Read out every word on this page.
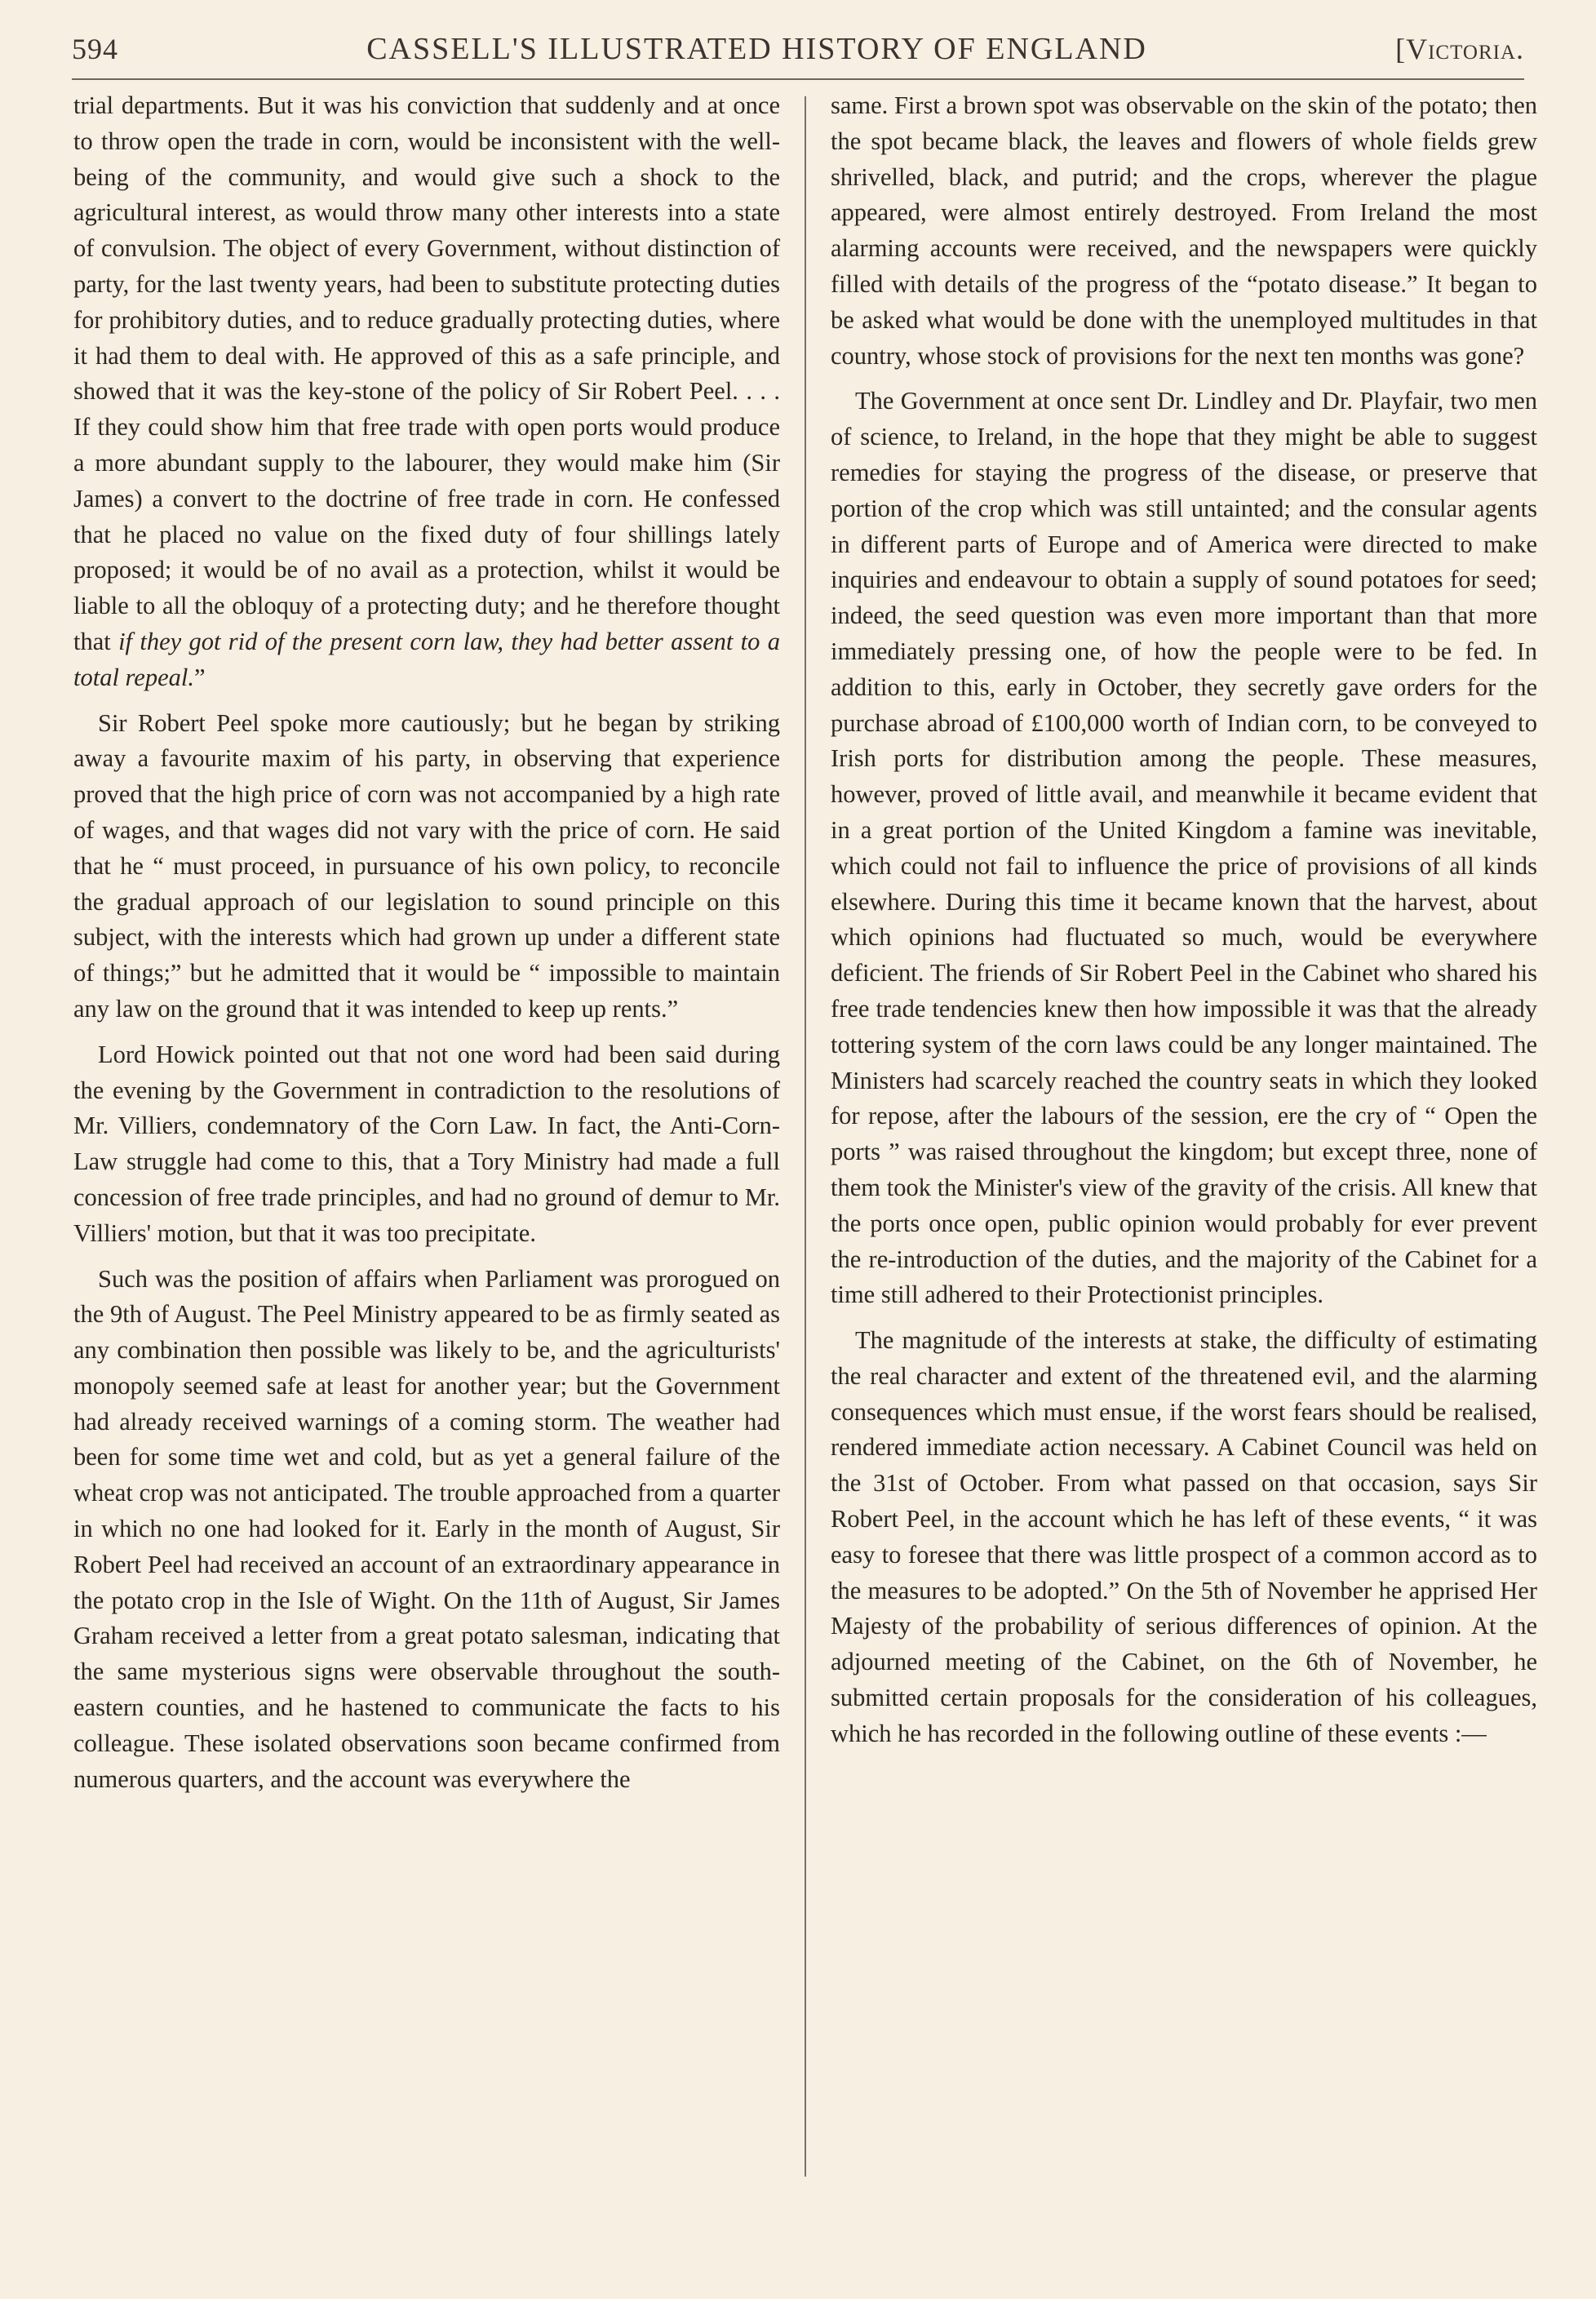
594	CASSELL'S ILLUSTRATED HISTORY OF ENGLAND	[Victoria.

trial departments. But it was his conviction that suddenly and at once to throw open the trade in corn, would be inconsistent with the well-being of the community, and would give such a shock to the agricultural interest, as would throw many other interests into a state of convulsion. The object of every Government, without distinction of party, for the last twenty years, had been to substitute protecting duties for prohibitory duties, and to reduce gradually protecting duties, where it had them to deal with. He approved of this as a safe principle, and showed that it was the key-stone of the policy of Sir Robert Peel. . . . If they could show him that free trade with open ports would produce a more abundant supply to the labourer, they would make him (Sir James) a convert to the doctrine of free trade in corn. He confessed that he placed no value on the fixed duty of four shillings lately proposed; it would be of no avail as a protection, whilst it would be liable to all the obloquy of a protecting duty; and he therefore thought that if they got rid of the present corn law, they had better assent to a total repeal.”

Sir Robert Peel spoke more cautiously; but he began by striking away a favourite maxim of his party, in observing that experience proved that the high price of corn was not accompanied by a high rate of wages, and that wages did not vary with the price of corn. He said that he “ must proceed, in pursuance of his own policy, to reconcile the gradual approach of our legislation to sound principle on this subject, with the interests which had grown up under a different state of things;” but he admitted that it would be “ impossible to maintain any law on the ground that it was intended to keep up rents.”

Lord Howick pointed out that not one word had been said during the evening by the Government in contradiction to the resolutions of Mr. Villiers, condemnatory of the Corn Law. In fact, the Anti-Corn-Law struggle had come to this, that a Tory Ministry had made a full concession of free trade principles, and had no ground of demur to Mr. Villiers' motion, but that it was too precipitate.

Such was the position of affairs when Parliament was prorogued on the 9th of August. The Peel Ministry appeared to be as firmly seated as any combination then possible was likely to be, and the agriculturists' monopoly seemed safe at least for another year; but the Government had already received warnings of a coming storm. The weather had been for some time wet and cold, but as yet a general failure of the wheat crop was not anticipated. The trouble approached from a quarter in which no one had looked for it. Early in the month of August, Sir Robert Peel had received an account of an extraordinary appearance in the potato crop in the Isle of Wight. On the 11th of August, Sir James Graham received a letter from a great potato salesman, indicating that the same mysterious signs were observable throughout the south-eastern counties, and he hastened to communicate the facts to his colleague. These isolated observations soon became confirmed from numerous quarters, and the account was everywhere the

same. First a brown spot was observable on the skin of the potato; then the spot became black, the leaves and flowers of whole fields grew shrivelled, black, and putrid; and the crops, wherever the plague appeared, were almost entirely destroyed. From Ireland the most alarming accounts were received, and the newspapers were quickly filled with details of the progress of the “potato disease.” It began to be asked what would be done with the unemployed multitudes in that country, whose stock of provisions for the next ten months was gone?

The Government at once sent Dr. Lindley and Dr. Playfair, two men of science, to Ireland, in the hope that they might be able to suggest remedies for staying the progress of the disease, or preserve that portion of the crop which was still untainted; and the consular agents in different parts of Europe and of America were directed to make inquiries and endeavour to obtain a supply of sound potatoes for seed; indeed, the seed question was even more important than that more immediately pressing one, of how the people were to be fed. In addition to this, early in October, they secretly gave orders for the purchase abroad of £100,000 worth of Indian corn, to be conveyed to Irish ports for distribution among the people. These measures, however, proved of little avail, and meanwhile it became evident that in a great portion of the United Kingdom a famine was inevitable, which could not fail to influence the price of provisions of all kinds elsewhere. During this time it became known that the harvest, about which opinions had fluctuated so much, would be everywhere deficient. The friends of Sir Robert Peel in the Cabinet who shared his free trade tendencies knew then how impossible it was that the already tottering system of the corn laws could be any longer maintained. The Ministers had scarcely reached the country seats in which they looked for repose, after the labours of the session, ere the cry of “ Open the ports ” was raised throughout the kingdom; but except three, none of them took the Minister's view of the gravity of the crisis. All knew that the ports once open, public opinion would probably for ever prevent the re-introduction of the duties, and the majority of the Cabinet for a time still adhered to their Protectionist principles.

The magnitude of the interests at stake, the difficulty of estimating the real character and extent of the threatened evil, and the alarming consequences which must ensue, if the worst fears should be realised, rendered immediate action necessary. A Cabinet Council was held on the 31st of October. From what passed on that occasion, says Sir Robert Peel, in the account which he has left of these events, “ it was easy to foresee that there was little prospect of a common accord as to the measures to be adopted.” On the 5th of November he apprised Her Majesty of the probability of serious differences of opinion. At the adjourned meeting of the Cabinet, on the 6th of November, he submitted certain proposals for the consideration of his colleagues, which he has recorded in the following outline of these events :—
